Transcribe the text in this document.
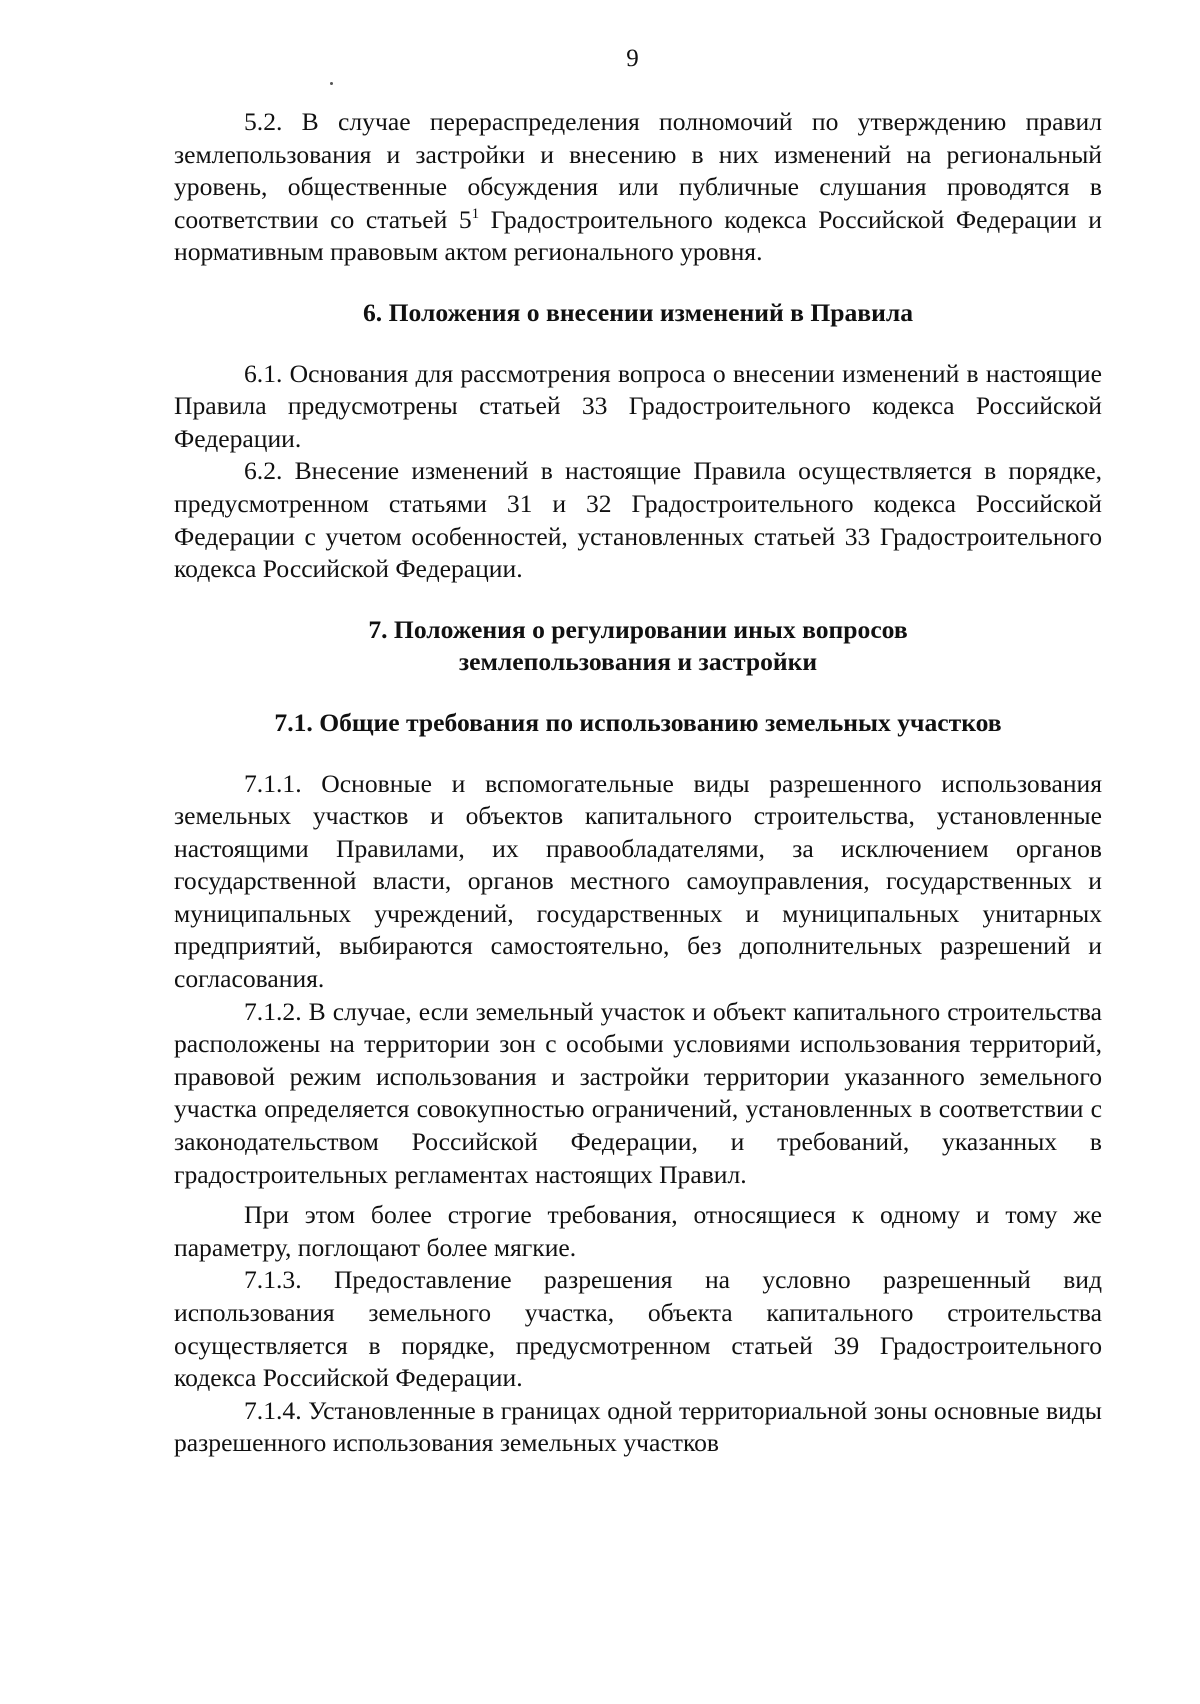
9

5.2. В случае перераспределения полномочий по утверждению правил землепользования и застройки и внесению в них изменений на региональный уровень, общественные обсуждения или публичные слушания проводятся в соответствии со статьей $5^1$ Градостроительного кодекса Российской Федерации и нормативным правовым актом регионального уровня.

6. Положения о внесении изменений в Правила

6.1. Основания для рассмотрения вопроса о внесении изменений в настоящие Правила предусмотрены статьей 33 Градостроительного кодекса Российской Федерации.

6.2. Внесение изменений в настоящие Правила осуществляется в порядке, предусмотренном статьями 31 и 32 Градостроительного кодекса Российской Федерации с учетом особенностей, установленных статьей 33 Градостроительного кодекса Российской Федерации.

7. Положения о регулировании иных вопросов
землепользования и застройки
7.1. Общие требования по использованию земельных участков

7.1.1. Основные и вспомогательные виды разрешенного использования земельных участков и объектов капитального строительства, установленные настоящими Правилами, их правообладателями, за исключением органов государственной власти, органов местного самоуправления, государственных и муниципальных учреждений, государственных и муниципальных унитарных предприятий, выбираются самостоятельно, без дополнительных разрешений и согласования.

7.1.2. В случае, если земельный участок и объект капитального строительства расположены на территории зон с особыми условиями использования территорий, правовой режим использования и застройки территории указанного земельного участка определяется совокупностью ограничений, установленных в соответствии с законодательством Российской Федерации, и требований, указанных в градостроительных регламентах настоящих Правил.

При этом более строгие требования, относящиеся к одному и тому же параметру, поглощают более мягкие.

7.1.3. Предоставление разрешения на условно разрешенный вид использования земельного участка, объекта капитального строительства осуществляется в порядке, предусмотренном статьей 39 Градостроительного кодекса Российской Федерации.

7.1.4. Установленные в границах одной территориальной зоны основные виды разрешенного использования земельных участков
